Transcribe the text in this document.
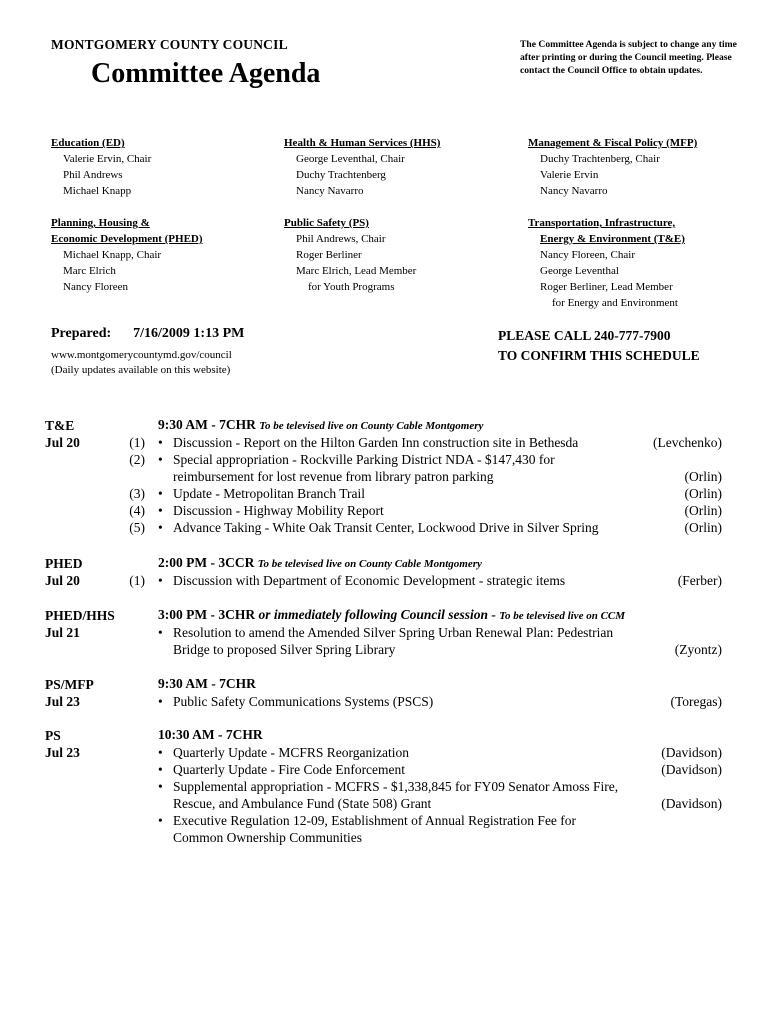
MONTGOMERY COUNTY COUNCIL
Committee Agenda
The Committee Agenda is subject to change any time after printing or during the Council meeting. Please contact the Council Office to obtain updates.
Education (ED)
Valerie Ervin, Chair
Phil Andrews
Michael Knapp
Health & Human Services (HHS)
George Leventhal, Chair
Duchy Trachtenberg
Nancy Navarro
Management & Fiscal Policy (MFP)
Duchy Trachtenberg, Chair
Valerie Ervin
Nancy Navarro
Planning, Housing &
Economic Development (PHED)
Michael Knapp, Chair
Marc Elrich
Nancy Floreen
Public Safety (PS)
Phil Andrews, Chair
Roger Berliner
Marc Elrich, Lead Member
for Youth Programs
Transportation, Infrastructure,
Energy & Environment (T&E)
Nancy Floreen, Chair
George Leventhal
Roger Berliner, Lead Member
for Energy and Environment
Prepared: 7/16/2009 1:13 PM
www.montgomerycountymd.gov/council
(Daily updates available on this website)
PLEASE CALL 240-777-7900
TO CONFIRM THIS SCHEDULE
T&E
Jul 20
9:30 AM - 7CHR To be televised live on County Cable Montgomery
(1) • Discussion - Report on the Hilton Garden Inn construction site in Bethesda	(Levchenko)
(2) • Special appropriation - Rockville Parking District NDA - $147,430 for
reimbursement for lost revenue from library patron parking	(Orlin)
(3) • Update - Metropolitan Branch Trail	(Orlin)
(4) • Discussion - Highway Mobility Report	(Orlin)
(5) • Advance Taking - White Oak Transit Center, Lockwood Drive in Silver Spring	(Orlin)
PHED
Jul 20
2:00 PM - 3CCR To be televised live on County Cable Montgomery
(1) • Discussion with Department of Economic Development - strategic items	(Ferber)
PHED/HHS
Jul 21
3:00 PM - 3CHR or immediately following Council session - To be televised live on CCM
• Resolution to amend the Amended Silver Spring Urban Renewal Plan: Pedestrian
Bridge to proposed Silver Spring Library	(Zyontz)
PS/MFP
Jul 23
9:30 AM - 7CHR
• Public Safety Communications Systems (PSCS)	(Toregas)
PS
Jul 23
10:30 AM - 7CHR
• Quarterly Update - MCFRS Reorganization	(Davidson)
• Quarterly Update - Fire Code Enforcement	(Davidson)
• Supplemental appropriation - MCFRS - $1,338,845 for FY09 Senator Amoss Fire,
Rescue, and Ambulance Fund (State 508) Grant	(Davidson)
• Executive Regulation 12-09, Establishment of Annual Registration Fee for
Common Ownership Communities
